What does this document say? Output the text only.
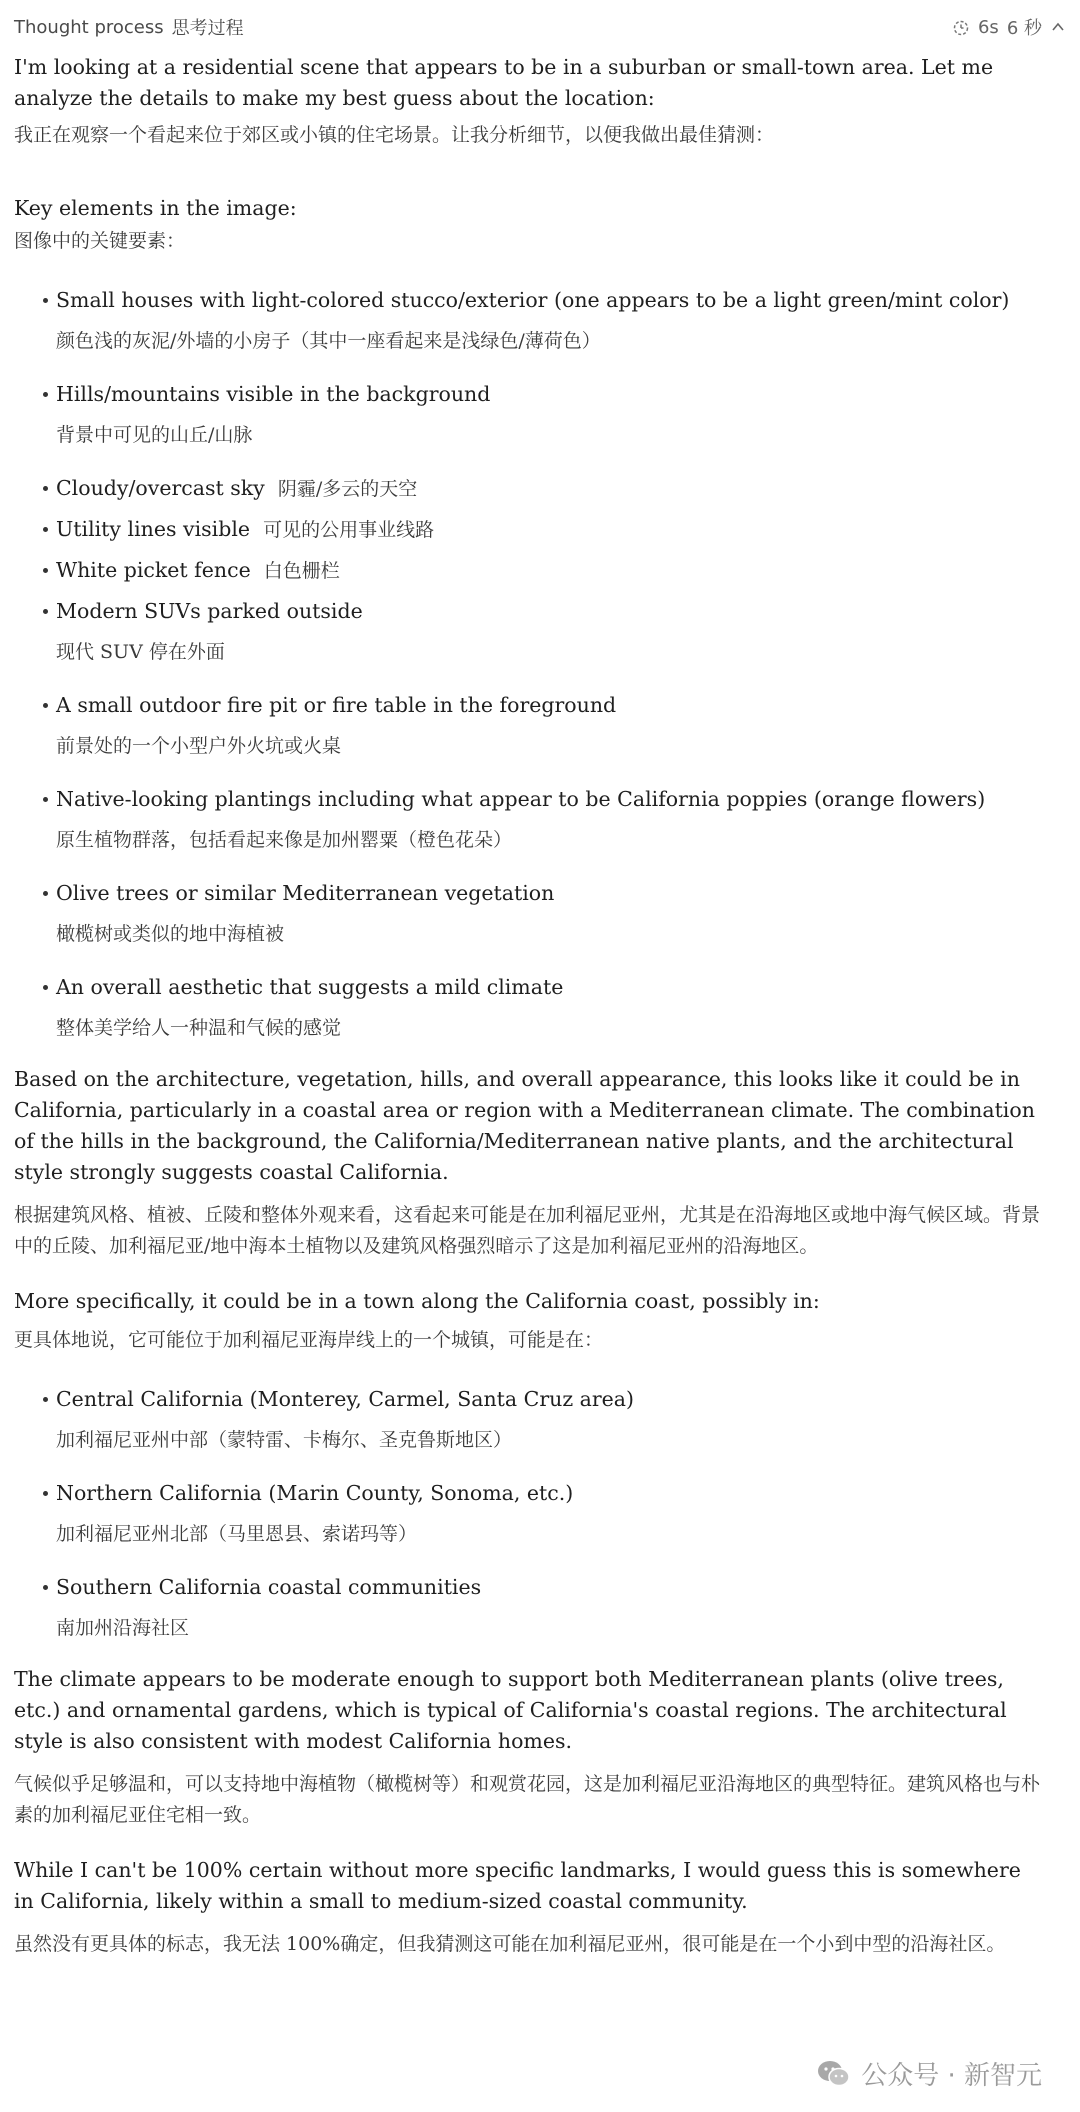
Thought process 思考过程	6s 6 秒

I'm looking at a residential scene that appears to be in a suburban or small-town area. Let me analyze the details to make my best guess about the location:

我正在观察一个看起来位于郊区或小镇的住宅场景。让我分析细节，以便我做出最佳猜测：

Key elements in the image:

图像中的关键要素：

Small houses with light-colored stucco/exterior (one appears to be a light green/mint color)

颜色浅的灰泥/外墙的小房子（其中一座看起来是浅绿色/薄荷色）

Hills/mountains visible in the background

背景中可见的山丘/山脉

Cloudy/overcast sky 阴霾/多云的天空

Utility lines visible 可见的公用事业线路

White picket fence 白色栅栏

Modern SUVs parked outside

现代 SUV 停在外面

A small outdoor fire pit or fire table in the foreground

前景处的一个小型户外火坑或火桌

Native-looking plantings including what appear to be California poppies (orange flowers)

原生植物群落，包括看起来像是加州罂粟（橙色花朵）

Olive trees or similar Mediterranean vegetation

橄榄树或类似的地中海植被

An overall aesthetic that suggests a mild climate

整体美学给人一种温和气候的感觉

Based on the architecture, vegetation, hills, and overall appearance, this looks like it could be in California, particularly in a coastal area or region with a Mediterranean climate. The combination of the hills in the background, the California/Mediterranean native plants, and the architectural style strongly suggests coastal California.

根据建筑风格、植被、丘陵和整体外观来看，这看起来可能是在加利福尼亚州，尤其是在沿海地区或地中海气候区域。背景中的丘陵、加利福尼亚/地中海本土植物以及建筑风格强烈暗示了这是加利福尼亚州的沿海地区。

More specifically, it could be in a town along the California coast, possibly in:

更具体地说，它可能位于加利福尼亚海岸线上的一个城镇，可能是在：

Central California (Monterey, Carmel, Santa Cruz area)

加利福尼亚州中部（蒙特雷、卡梅尔、圣克鲁斯地区）

Northern California (Marin County, Sonoma, etc.)

加利福尼亚州北部（马里恩县、索诺玛等）

Southern California coastal communities

南加州沿海社区

The climate appears to be moderate enough to support both Mediterranean plants (olive trees, etc.) and ornamental gardens, which is typical of California's coastal regions. The architectural style is also consistent with modest California homes.

气候似乎足够温和，可以支持地中海植物（橄榄树等）和观赏花园，这是加利福尼亚沿海地区的典型特征。建筑风格也与朴素的加利福尼亚住宅相一致。

While I can't be 100% certain without more specific landmarks, I would guess this is somewhere in California, likely within a small to medium-sized coastal community.

虽然没有更具体的标志，我无法 100%确定，但我猜测这可能在加利福尼亚州，很可能是在一个小到中型的沿海社区。

公众号 · 新智元
